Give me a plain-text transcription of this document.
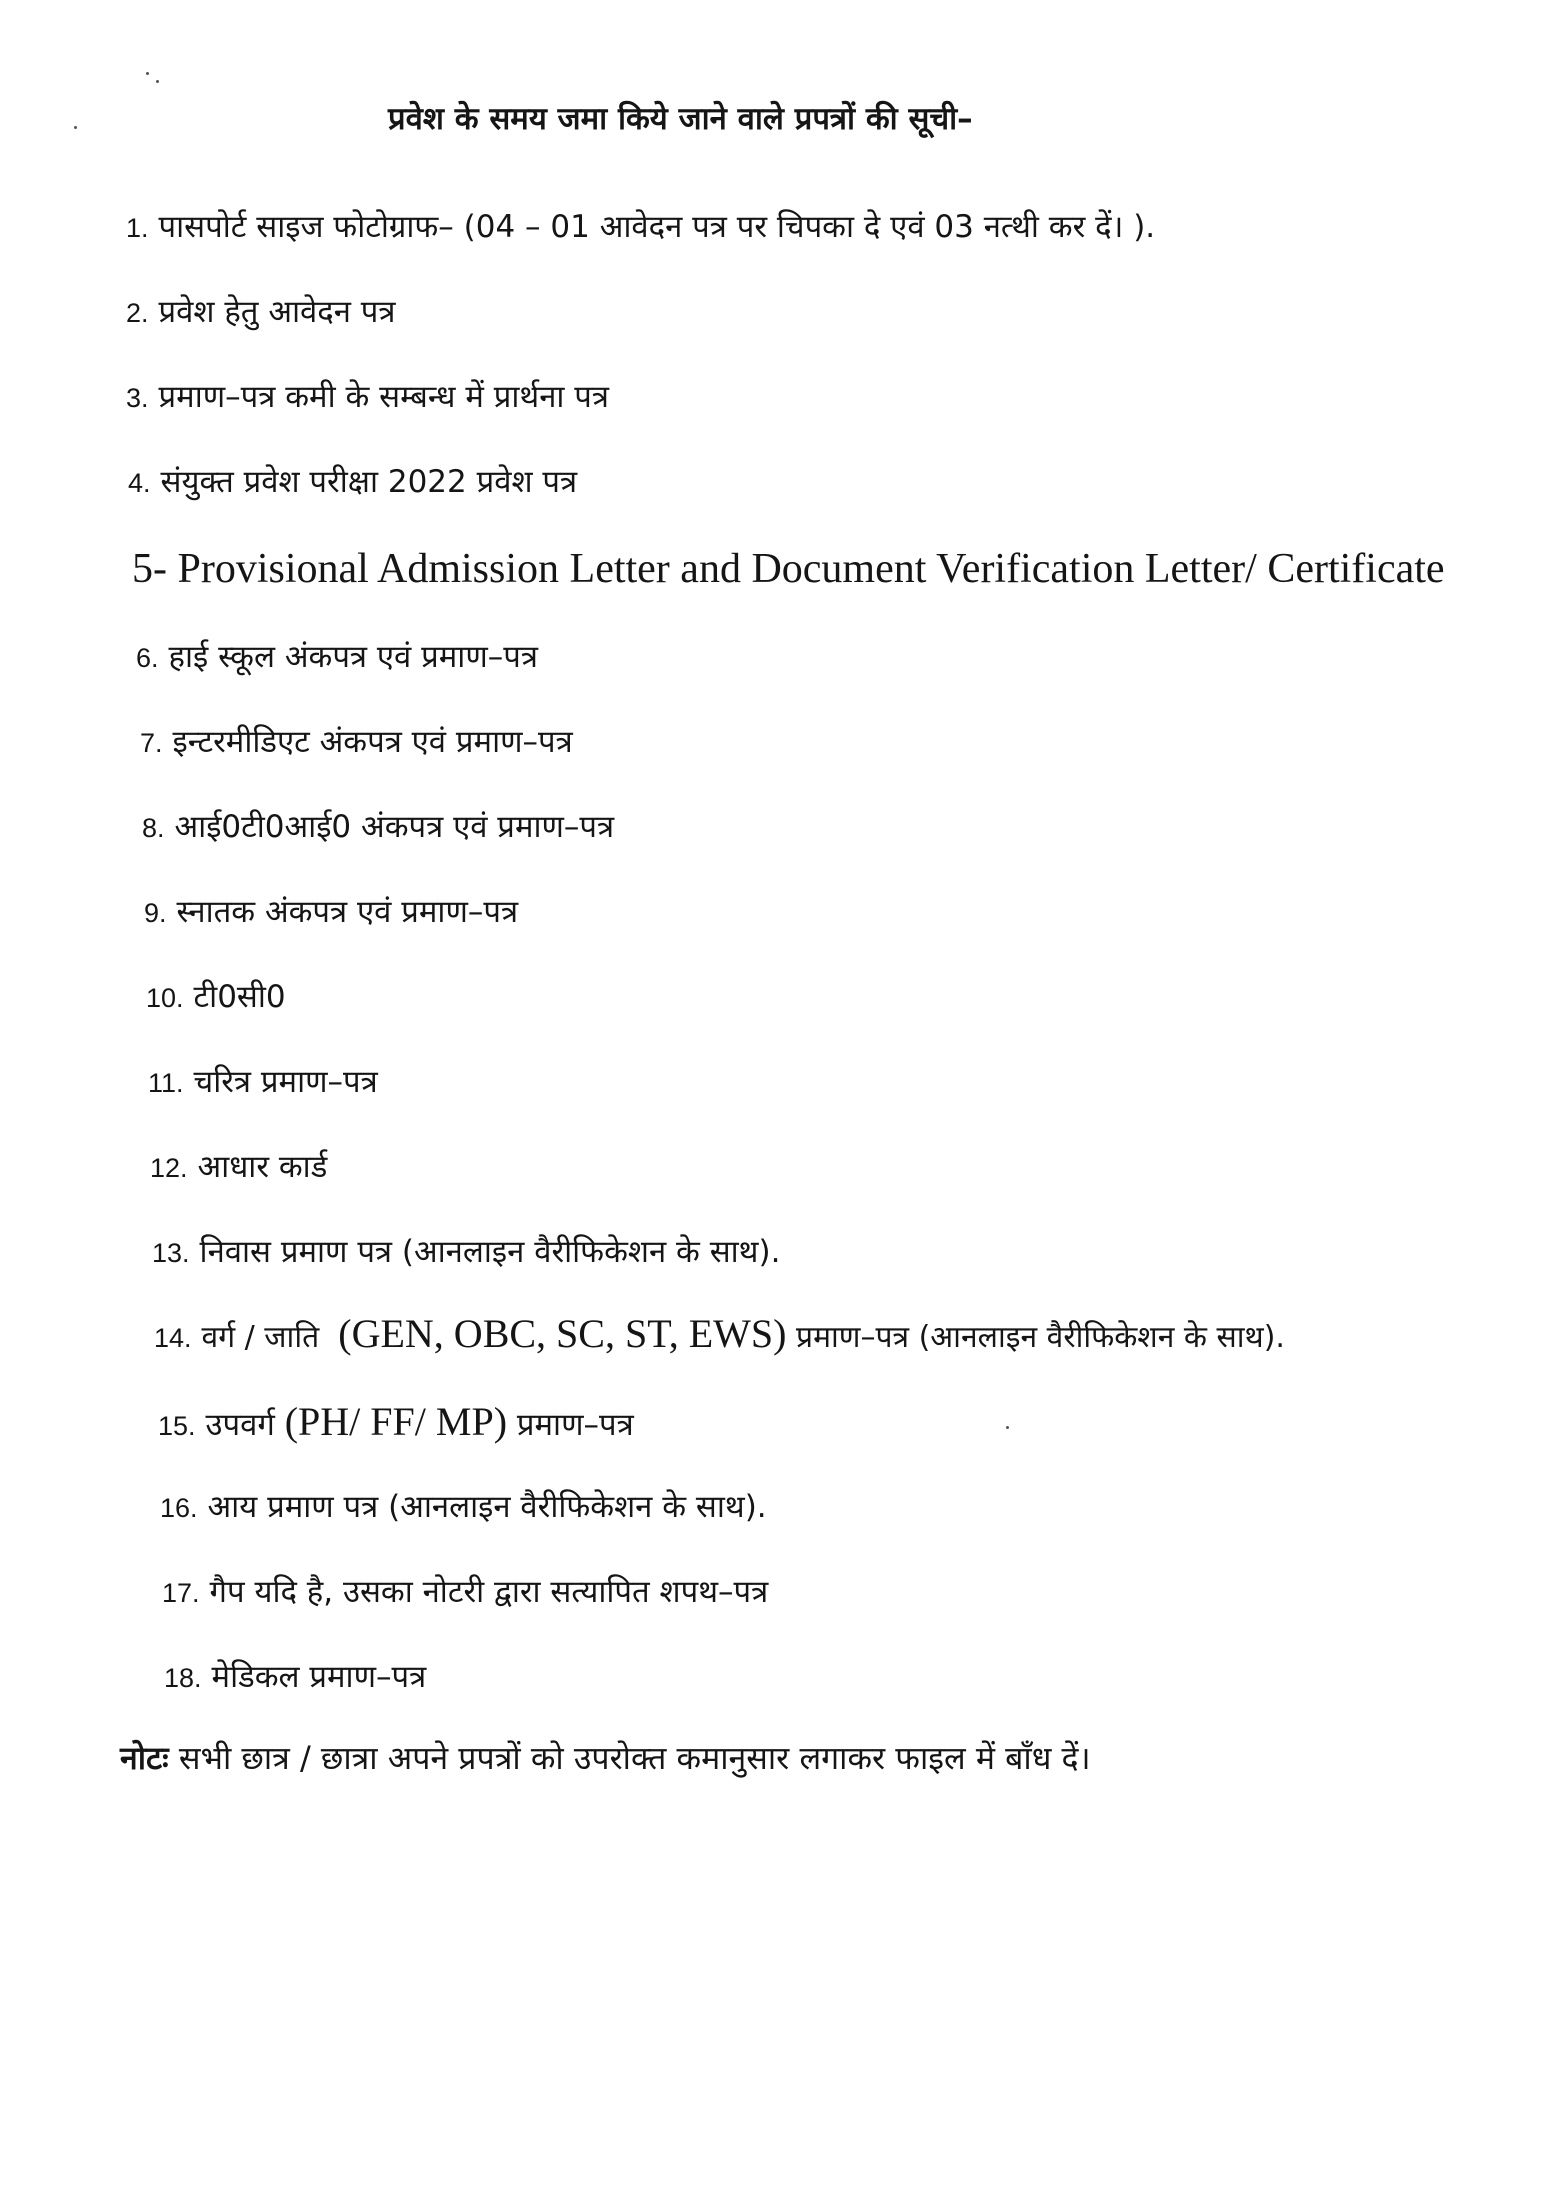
प्रवेश के समय जमा किये जाने वाले प्रपत्रों की सूची–
1. पासपोर्ट साइज फोटोग्राफ– (04 – 01 आवेदन पत्र पर चिपका दे एवं 03 नत्थी कर दें। ).
2. प्रवेश हेतु आवेदन पत्र
3. प्रमाण–पत्र कमी के सम्बन्ध में प्रार्थना पत्र
4. संयुक्त प्रवेश परीक्षा 2022 प्रवेश पत्र
5- Provisional Admission Letter and Document Verification Letter/ Certificate
6. हाई स्कूल अंकपत्र एवं प्रमाण–पत्र
7. इन्टरमीडिएट अंकपत्र एवं प्रमाण–पत्र
8. आई0टी0आई0 अंकपत्र एवं प्रमाण–पत्र
9. स्नातक अंकपत्र एवं प्रमाण–पत्र
10. टी0सी0
11. चरित्र प्रमाण–पत्र
12. आधार कार्ड
13. निवास प्रमाण पत्र (आनलाइन वैरीफिकेशन के साथ).
14. वर्ग / जाति (GEN, OBC, SC, ST, EWS) प्रमाण–पत्र (आनलाइन वैरीफिकेशन के साथ).
15. उपवर्ग (PH/ FF/ MP) प्रमाण–पत्र
16. आय प्रमाण पत्र (आनलाइन वैरीफिकेशन के साथ).
17. गैप यदि है, उसका नोटरी द्वारा सत्यापित शपथ–पत्र
18. मेडिकल प्रमाण–पत्र
नोटः सभी छात्र / छात्रा अपने प्रपत्रों को उपरोक्त कमानुसार लगाकर फाइल में बाँध दें।
